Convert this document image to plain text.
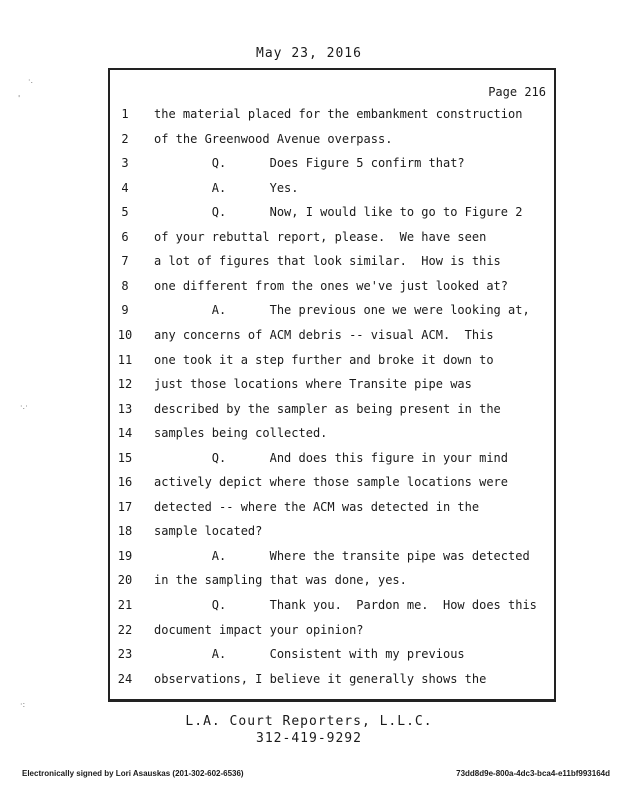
May 23, 2016
·.
'
·.·
·:
Page 216
1	the material placed for the embankment construction
2	of the Greenwood Avenue overpass.
3	Q.      Does Figure 5 confirm that?
4	A.      Yes.
5	Q.      Now, I would like to go to Figure 2
6	of your rebuttal report, please.  We have seen
7	a lot of figures that look similar.  How is this
8	one different from the ones we've just looked at?
9	A.      The previous one we were looking at,
10	any concerns of ACM debris -- visual ACM.  This
11	one took it a step further and broke it down to
12	just those locations where Transite pipe was
13	described by the sampler as being present in the
14	samples being collected.
15	Q.      And does this figure in your mind
16	actively depict where those sample locations were
17	detected -- where the ACM was detected in the
18	sample located?
19	A.      Where the transite pipe was detected
20	in the sampling that was done, yes.
21	Q.      Thank you.  Pardon me.  How does this
22	document impact your opinion?
23	A.      Consistent with my previous
24	observations, I believe it generally shows the
L.A. Court Reporters, L.L.C.
312-419-9292
Electronically signed by Lori Asauskas (201-302-602-6536)	73dd8d9e-800a-4dc3-bca4-e11bf993164d
